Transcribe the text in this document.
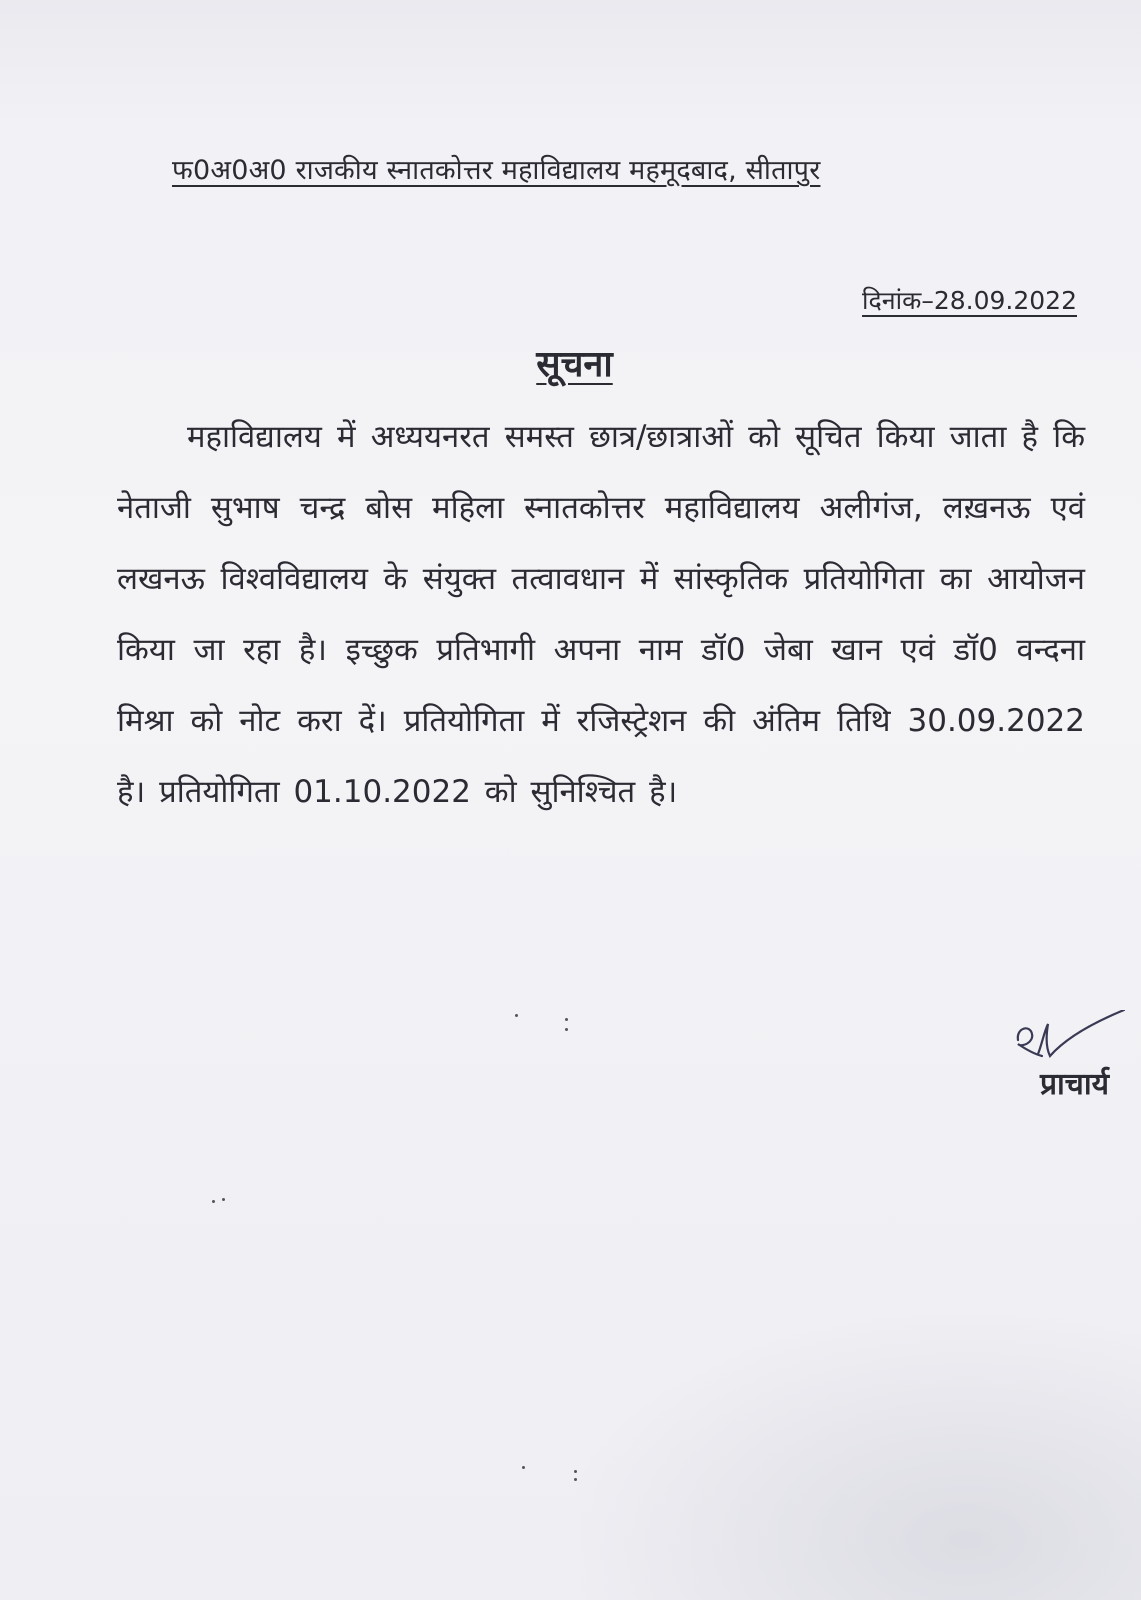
फ0अ0अ0 राजकीय स्नातकोत्तर महाविद्यालय महमूदबाद, सीतापुर
दिनांक–28.09.2022
सूचना
महाविद्यालय में अध्ययनरत समस्त छात्र/छात्राओं को सूचित किया जाता है कि नेताजी सुभाष चन्द्र बोस महिला स्नातकोत्तर महाविद्यालय अलीगंज, लख़नऊ एवं लखनऊ विश्वविद्यालय के संयुक्त तत्वावधान में सांस्कृतिक प्रतियोगिता का आयोजन किया जा रहा है। इच्छुक प्रतिभागी अपना नाम डॉ0 जेबा खान एवं डॉ0 वन्दना मिश्रा को नोट करा दें। प्रतियोगिता में रजिस्ट्रेशन की अंतिम तिथि 30.09.2022 है। प्रतियोगिता 01.10.2022 को सुनिश्चित है।
प्राचार्य
